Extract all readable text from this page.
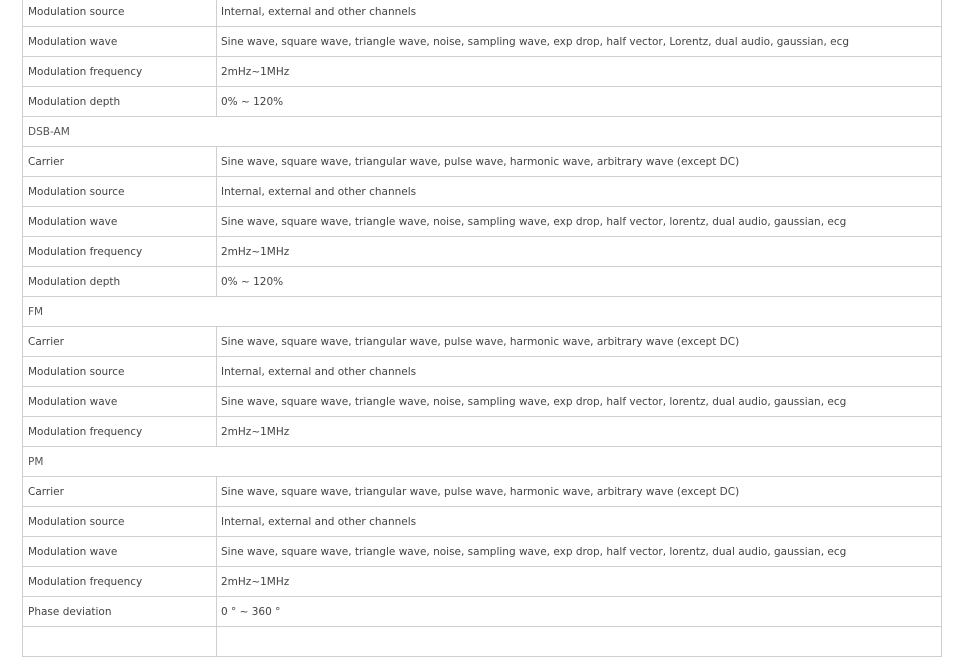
Modulation source	Internal, external and other channels
Modulation wave	Sine wave, square wave, triangle wave, noise, sampling wave, exp drop, half vector, Lorentz, dual audio, gaussian, ecg
Modulation frequency	2mHz~1MHz
Modulation depth	0% ~ 120%
DSB-AM	
Carrier	Sine wave, square wave, triangular wave, pulse wave, harmonic wave, arbitrary wave (except DC)
Modulation source	Internal, external and other channels
Modulation wave	Sine wave, square wave, triangle wave, noise, sampling wave, exp drop, half vector, lorentz, dual audio, gaussian, ecg
Modulation frequency	2mHz~1MHz
Modulation depth	0% ~ 120%
FM	
Carrier	Sine wave, square wave, triangular wave, pulse wave, harmonic wave, arbitrary wave (except DC)
Modulation source	Internal, external and other channels
Modulation wave	Sine wave, square wave, triangle wave, noise, sampling wave, exp drop, half vector, lorentz, dual audio, gaussian, ecg
Modulation frequency	2mHz~1MHz
PM	
Carrier	Sine wave, square wave, triangular wave, pulse wave, harmonic wave, arbitrary wave (except DC)
Modulation source	Internal, external and other channels
Modulation wave	Sine wave, square wave, triangle wave, noise, sampling wave, exp drop, half vector, lorentz, dual audio, gaussian, ecg
Modulation frequency	2mHz~1MHz
Phase deviation	0 ° ~ 360 °
